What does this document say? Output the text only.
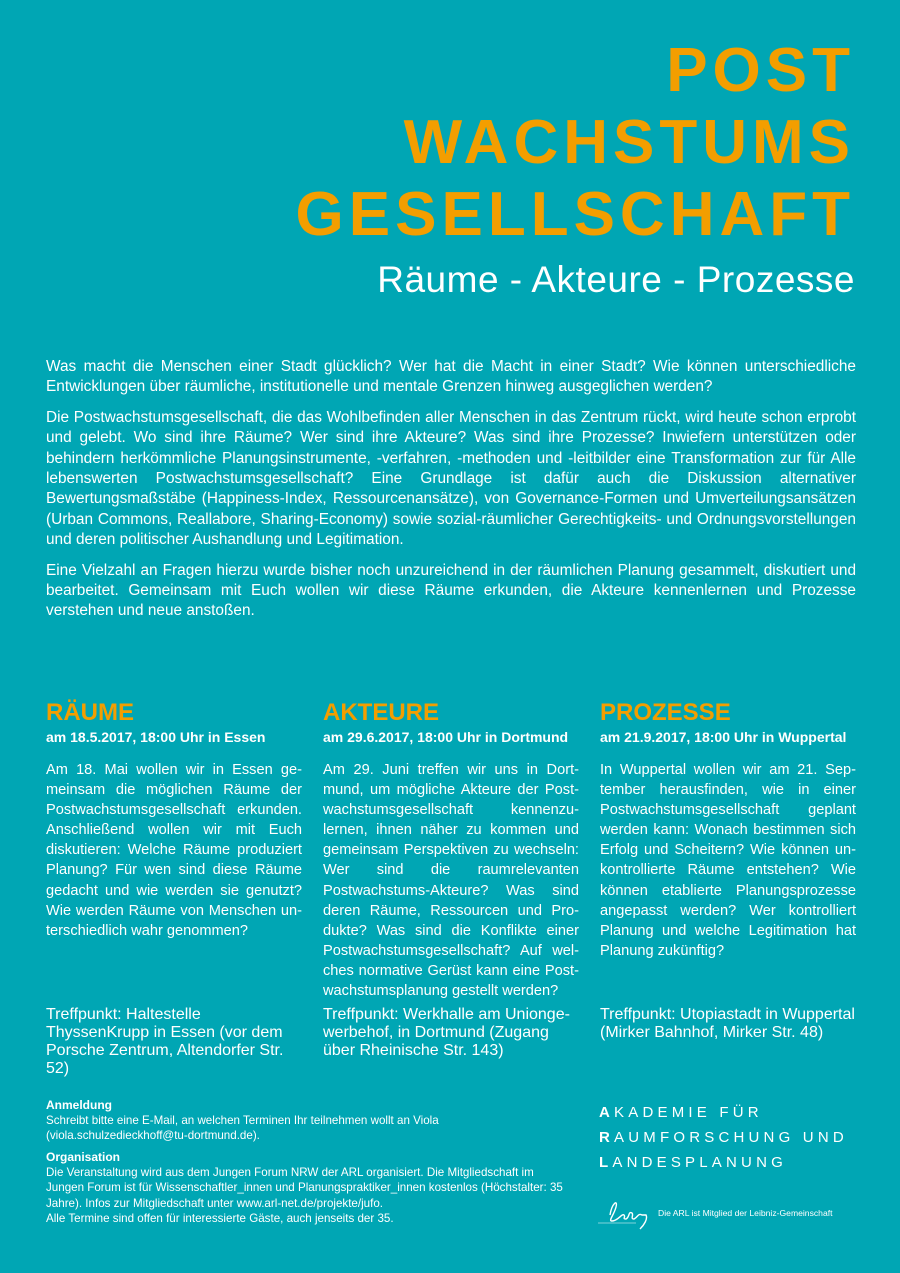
POST
WACHSTUMS
GESELLSCHAFT
Räume - Akteure - Prozesse

Was macht die Menschen einer Stadt glücklich? Wer hat die Macht in einer Stadt? Wie können unterschiedliche Entwicklungen über räumliche, institutionelle und mentale Grenzen hinweg ausgeglichen werden?

Die Postwachstumsgesellschaft, die das Wohlbefinden aller Menschen in das Zentrum rückt, wird heute schon erprobt und gelebt. Wo sind ihre Räume? Wer sind ihre Akteure? Was sind ihre Prozesse? Inwiefern unterstützen oder behindern herkömmliche Planungsinstrumente, -verfahren, -methoden und -leitbilder eine Transformation zur für Alle lebenswerten Postwachstumsgesellschaft? Eine Grundlage ist dafür auch die Diskussion alternativer Bewertungsmaßstäbe (Happiness-Index, Ressourcenansätze), von Governance-Formen und Umverteilungsansätzen (Urban Commons, Reallabore, Sharing-Economy) sowie sozial-räumlicher Gerechtigkeits- und Ordnungsvorstellungen und deren politischer Aushandlung und Legitimation.

Eine Vielzahl an Fragen hierzu wurde bisher noch unzureichend in der räumlichen Planung gesammelt, diskutiert und bearbeitet. Gemeinsam mit Euch wollen wir diese Räume erkunden, die Akteure kennenlernen und Prozesse verstehen und neue anstoßen.

RÄUME
am 18.5.2017, 18:00 Uhr in Essen
Am 18. Mai wollen wir in Essen gemeinsam die möglichen Räume der Postwachstumsgesellschaft erkunden. Anschließend wollen wir mit Euch diskutieren: Welche Räume produziert Planung? Für wen sind diese Räume gedacht und wie werden sie genutzt? Wie werden Räume von Menschen unterschiedlich wahr genommen?
AKTEURE
am 29.6.2017, 18:00 Uhr in Dortmund
Am 29. Juni treffen wir uns in Dortmund, um mögliche Akteure der Postwachstumsgesellschaft kennenzulernen, ihnen näher zu kommen und gemeinsam Perspektiven zu wechseln: Wer sind die raumrelevanten Postwachstums-Akteure? Was sind deren Räume, Ressourcen und Produkte? Was sind die Konflikte einer Postwachstumsgesellschaft? Auf welches normative Gerüst kann eine Postwachstumsplanung gestellt werden?
PROZESSE
am 21.9.2017, 18:00 Uhr in Wuppertal
In Wuppertal wollen wir am 21. September herausfinden, wie in einer Postwachstumsgesellschaft geplant werden kann: Wonach bestimmen sich Erfolg und Scheitern? Wie können unkontrollierte Räume entstehen? Wie können etablierte Planungsprozesse angepasst werden? Wer kontrolliert Planung und welche Legitimation hat Planung zukünftig?

Treffpunkt: Haltestelle ThyssenKrupp in Essen (vor dem Porsche Zentrum, Altendorfer Str. 52)

Treffpunkt: Werkhalle am Uniongewerbehof, in Dortmund (Zugang über Rheinische Str. 143)

Treffpunkt: Utopiastadt in Wuppertal (Mirker Bahnhof, Mirker Str. 48)

Anmeldung

Schreibt bitte eine E-Mail, an welchen Terminen Ihr teilnehmen wollt an Viola
(viola.schulzedieckhoff@tu-dortmund.de).

Organisation

Die Veranstaltung wird aus dem Jungen Forum NRW der ARL organisiert. Die Mitgliedschaft im Jungen Forum ist für Wissenschaftler_innen und Planungspraktiker_innen kostenlos (Höchstalter: 35 Jahre). Infos zur Mitgliedschaft unter www.arl-net.de/projekte/jufo.
Alle Termine sind offen für interessierte Gäste, auch jenseits der 35.

AKADEMIE FÜR
RAUMFORSCHUNG UND
LANDESPLANUNG
Die ARL ist Mitglied der Leibniz-Gemeinschaft
